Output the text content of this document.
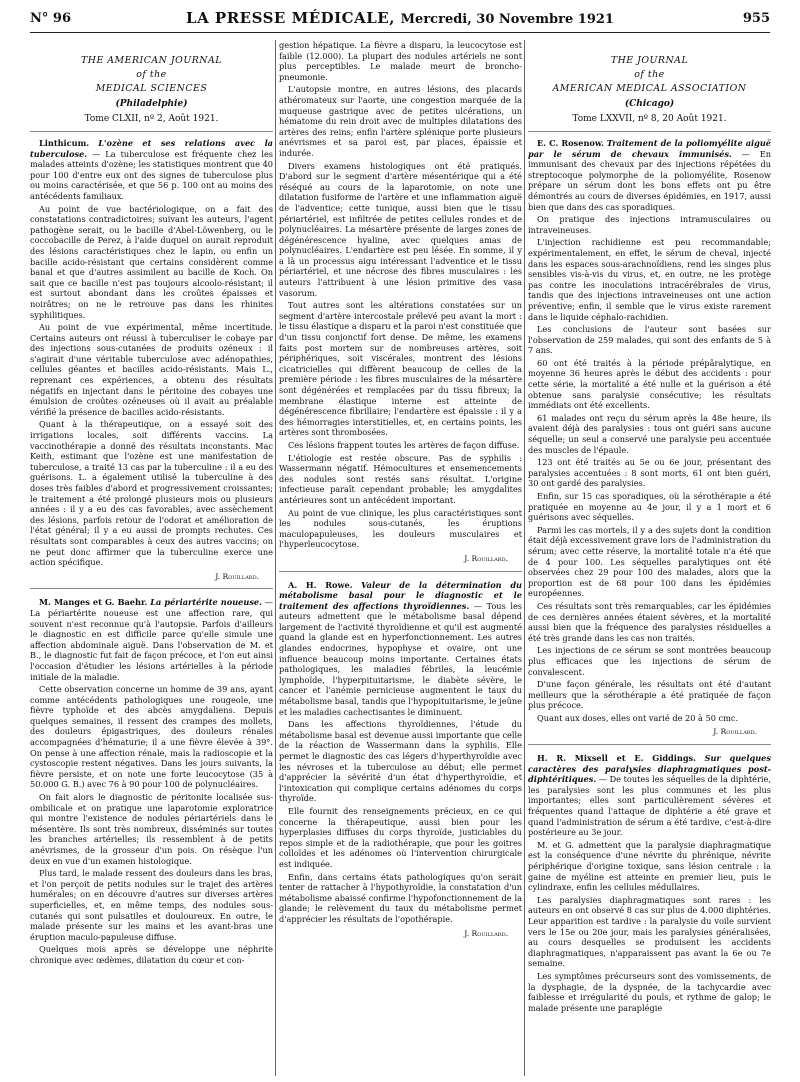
N° 96	LA PRESSE MÉDICALE, Mercredi, 30 Novembre 1921	955
THE AMERICAN JOURNAL
of the
MEDICAL SCIENCES
(Philadelphie)
Tome CLXII, nº 2, Août 1921.

Linthicum. L'ozène et ses relations avec la tuberculose. — La tuberculose est fréquente chez les malades atteints d'ozène; les statistiques montrent que 40 pour 100 d'entre eux ont des signes de tuberculose plus ou moins caractérisée, et que 56 p. 100 ont au moins des antécédents familiaux.

Au point de vue bactériologique, on a fait des constatations contradictoires; suivant les auteurs, l'agent pathogène serait, ou le bacille d'Abel-Löwenberg, ou le coccobacille de Perez, à l'aide duquel on aurait reproduit des lésions caractéristiques chez le lapin, ou enfin un bacille acido-résistant que certains considèrent comme banal et que d'autres assimilent au bacille de Koch. On sait que ce bacille n'est pas toujours alcoolo-résistant; il est surtout abondant dans les croûtes épaisses et noirâtres; on ne le retrouve pas dans les rhinites syphilitiques.

Au point de vue expérimental, même incertitude. Certains auteurs ont réussi à tuberculiser le cobaye par des injections sous-cutanées de produits ozéneux : il s'agirait d'une véritable tuberculose avec adénopathies, cellules géantes et bacilles acido-résistants. Mais L., reprenant ces expériences, a obtenu des résultats négatifs en injectant dans le péritoine des cobayes une émulsion de croûtes ozéneuses où il avait au préalable vérifié la présence de bacilles acido-résistants.

Quant à la thérapeutique, on a essayé soit des irrigations locales, soit différents vaccins. La vaccinothérapie a donné des résultats inconstants. Mac Keith, estimant que l'ozène est une manifestation de tuberculose, a traité 13 cas par la tuberculine : il a eu des guérisons. L. a également utilisé la tuberculine à des doses très faibles d'abord et progressivement croissantes; le traitement a été prolongé plusieurs mois ou plusieurs années : il y a eu des cas favorables, avec assèchement des lésions, parfois retour de l'odorat et amélioration de l'état général; il y a eu aussi de prompts rechutes. Ces résultats sont comparables à ceux des autres vaccins; on ne peut donc affirmer que la tuberculine exerce une action spécifique.

J. Rouillard.

M. Manges et G. Baehr. La périartérite noueuse. — La périartérite noueuse est une affection rare, qui souvent n'est reconnue qu'à l'autopsie. Parfois d'ailleurs le diagnostic en est difficile parce qu'elle simule une affection abdominale aiguë. Dans l'observation de M. et B., le diagnostic fut fait de façon précoce, et l'on eut ainsi l'occasion d'étudier les lésions artérielles à la période initiale de la maladie.

Cette observation concerne un homme de 39 ans, ayant comme antécédents pathologiques une rougeole, une fièvre typhoïde et des abcès amygdaliens. Depuis quelques semaines, il ressent des crampes des mollets, des douleurs épigastriques, des douleurs rénales accompagnées d'hématurie; il a une fièvre élevée à 39°. On pense à une affection rénale, mais la radioscopie et la cystoscopie restent négatives. Dans les jours suivants, la fièvre persiste, et on note une forte leucocytose (35 à 50.000 G. B.) avec 76 à 90 pour 100 de polynucléaires.

On fait alors le diagnostic de péritonite localisée sus-ombilicale et on pratique une laparotomie exploratrice qui montre l'existence de nodules périartériels dans le mésentère. Ils sont très nombreux, disséminés sur toutes les branches artérielles; ils ressemblent à de petits anévrismes, de la grosseur d'un pois. On résèque l'un deux en vue d'un examen histologique.

Plus tard, le malade ressent des douleurs dans les bras, et l'on perçoit de petits nodules sur le trajet des artères humérales; on en découvre d'autres sur diverses artères superficielles, et, en même temps, des nodules sous-cutanés qui sont pulsatiles et douloureux. En outre, le malade présente sur les mains et les avant-bras une éruption maculo-papuleuse diffuse.

Quelques mois après se développe une néphrite chronique avec œdèmes, dilatation du cœur et con-

gestion hépatique. La fièvre a disparu, la leucocytose est faible (12.000). La plupart des nodules artériels ne sont plus perceptibles. Le malade meurt de broncho-pneumonie.

L'autopsie montre, en autres lésions, des placards athéromateux sur l'aorte, une congestion marquée de la muqueuse gastrique avec de petites ulcérations, un hématome du rein droit avec de multiples dilatations des artères des reins; enfin l'artère splénique porte plusieurs anévrismes et sa paroi est, par places, épaissie et indurée.

Divers examens histologiques ont été pratiqués. D'abord sur le segment d'artère mésentérique qui a été réséqué au cours de la laparotomie, on note une dilatation fusiforme de l'artère et une inflammation aiguë de l'adventice; cette tunique, aussi bien que le tissu périartériel, est infiltrée de petites cellules rondes et de polynucléaires. La mésartère présente de larges zones de dégénérescence hyaline, avec quelques amas de polynucléaires. L'endartère est peu lésée. En somme, il y a là un processus aigu intéressant l'adventice et le tissu périartériel, et une nécrose des fibres musculaires : les auteurs l'attribuent à une lésion primitive des vasa vasorum.

Tout autres sont les altérations constatées sur un segment d'artère intercostale prélevé peu avant la mort : le tissu élastique a disparu et la paroi n'est constituée que d'un tissu conjonctif fort dense. De même, les examens faits post mortem sur de nombreuses artères, soit périphériques, soit viscérales, montrent des lésions cicatricielles qui diffèrent beaucoup de celles de la première période : les fibres musculaires de la mésartère sont dégénérées et remplacées par du tissu fibreux; la membrane élastique interne est atteinte de dégénérescence fibrillaire; l'endartère est épaissie : il y a des hémorragies interstitielles, et, en certains points, les artères sont thrombosées.

Ces lésions frappent toutes les artères de façon diffuse.

L'étiologie est restée obscure. Pas de syphilis : Wassermann négatif. Hémocultures et ensemencements des nodules sont restés sans résultat. L'origine infectieuse paraît cependant probable; les amygdalites antérieures sont un antécédent important.

Au point de vue clinique, les plus caractéristiques sont les nodules sous-cutanés, les éruptions maculopapuleuses, les douleurs musculaires et l'hyperleucocytose.

J. Rouillard.

A. H. Rowe. Valeur de la détermination du métabolisme basal pour le diagnostic et le traitement des affections thyroïdiennes. — Tous les auteurs admettent que le métabolisme basal dépend largement de l'activité thyroïdienne et qu'il est augmenté quand la glande est en hyperfonctionnement. Les autres glandes endocrines, hypophyse et ovaire, ont une influence beaucoup moins importante. Certaines états pathologiques, les maladies fébriles, la leucémie lymphoïde, l'hyperpituitarisme, le diabète sévère, le cancer et l'anémie pernicieuse augmentent le taux du métabolisme basal, tandis que l'hypopituitarisme, le jeûne et les maladies cachectisantes le diminuent.

Dans les affections thyroïdiennes, l'étude du métabolisme basal est devenue aussi importante que celle de la réaction de Wassermann dans la syphilis. Elle permet le diagnostic des cas légers d'hyperthyroïdie avec les névroses et la tuberculose au début; elle permet d'apprécier la sévérité d'un état d'hyperthyroïdie, et l'intoxication qui complique certains adénomes du corps thyroïde.

Elle fournit des renseignements précieux, en ce qui concerne la thérapeutique, aussi bien pour les hyperplasies diffuses du corps thyroïde, justiciables du repos simple et de la radiothérapie, que pour les goitres colloïdes et les adénomes où l'intervention chirurgicale est indiquée.

Enfin, dans certains états pathologiques qu'on serait tenter de rattacher à l'hypothyroïdie, la constatation d'un métabolisme abaissé confirme l'hypofonctionnement de la glande; le relèvement du taux du métabolisme permet d'apprécier les résultats de l'opothérapie.

J. Rouillard.
THE JOURNAL
of the
AMERICAN MEDICAL ASSOCIATION
(Chicago)
Tome LXXVII, nº 8, 20 Août 1921.

E. C. Rosenow. Traitement de la poliomyélite aiguë par le sérum de chevaux immunisés. — En immunisant des chevaux par des injections répétées du streptocoque polymorphe de la poliomyélite, Rosenow prépare un sérum dont les bons effets ont pu être démontrés au cours de diverses épidémies, en 1917, aussi bien que dans des cas sporadiques.

On pratique des injections intramusculaires ou intraveineuses.

L'injection rachidienne est peu recommandable; expérimentalement, en effet, le sérum de cheval, injecté dans les espaces sous-arachnoïdiens, rend les singes plus sensibles vis-à-vis du virus, et, en outre, ne les protège pas contre les inoculations intracérébrales de virus, tandis que des injections intraveineuses ont une action préventive; enfin, il semble que le virus existe rarement dans le liquide céphalo-rachidien.

Les conclusions de l'auteur sont basées sur l'observation de 259 malades, qui sont des enfants de 5 à 7 ans.

60 ont été traités à la période prépâralytique, en moyenne 36 heures après le début des accidents : pour cette série, la mortalité a été nulle et la guérison a été obtenue sans paralysie consécutive; les résultats immédiats ont été excellents.

61 malades ont reçu du sérum après la 48e heure, ils avaient déjà des paralysies : tous ont guéri sans aucune séquelle; un seul a conservé une paralysie peu accentuée des muscles de l'épaule.

123 ont été traités au 5e ou 6e jour, présentant des paralysies accentuées : 8 sont morts, 61 ont bien guéri, 30 ont gardé des paralysies.

Enfin, sur 15 cas sporadiques, où la sérothérapie a été pratiquée en moyenne au 4e jour, il y a 1 mort et 6 guérisons avec séquelles.

Parmi les cas mortels, il y a des sujets dont la condition était déjà excessivement grave lors de l'administration du sérum; avec cette réserve, la mortalité totale n'a été que de 4 pour 100. Les séquelles paralytiques ont été observées chez 29 pour 100 des malades, alors que la proportion est de 68 pour 100 dans les épidémies européennes.

Ces résultats sont très remarquables, car les épidémies de ces dernières années étaient sévères, et la mortalité aussi bien que la fréquence des paralysies résiduelles a été très grande dans les cas non traités.

Les injections de ce sérum se sont montrées beaucoup plus efficaces que les injections de sérum de convalescent.

D'une façon générale, les résultats ont été d'autant meilleurs que la sérothérapie a été pratiquée de façon plus précoce.

Quant aux doses, elles ont varié de 20 à 50 cmc.

J. Rouillard.

H. R. Mixsell et E. Giddings. Sur quelques caractères des paralysies diaphragmatiques post-diphtéritiques. — De toutes les séquelles de la diphtérie, les paralysies sont les plus communes et les plus importantes; elles sont particulièrement sévères et fréquentes quand l'attaque de diphtérie a été grave et quand l'administration de sérum a été tardive, c'est-à-dire postérieure au 3e jour.

M. et G. admettent que la paralysie diaphragmatique est la conséquence d'une névrite du phrénique, névrite périphérique d'origine toxique, sans lésion centrale : la gaine de myéline est atteinte en premier lieu, puis le cylindraxe, enfin les cellules médullaires.

Les paralysies diaphragmatiques sont rares : les auteurs en ont observé 8 cas sur plus de 4.000 diphtéries. Leur apparition est tardive : la paralysie du voile survient vers le 15e ou 20e jour, mais les paralysies généralisées, au cours desquelles se produisent les accidents diaphragmatiques, n'apparaissent pas avant la 6e ou 7e semaine.

Les symptômes précurseurs sont des vomissements, de la dysphagie, de la dyspnée, de la tachycardie avec faiblesse et irrégularité du pouls, et rythme de galop; le malade présente une paraplégie
